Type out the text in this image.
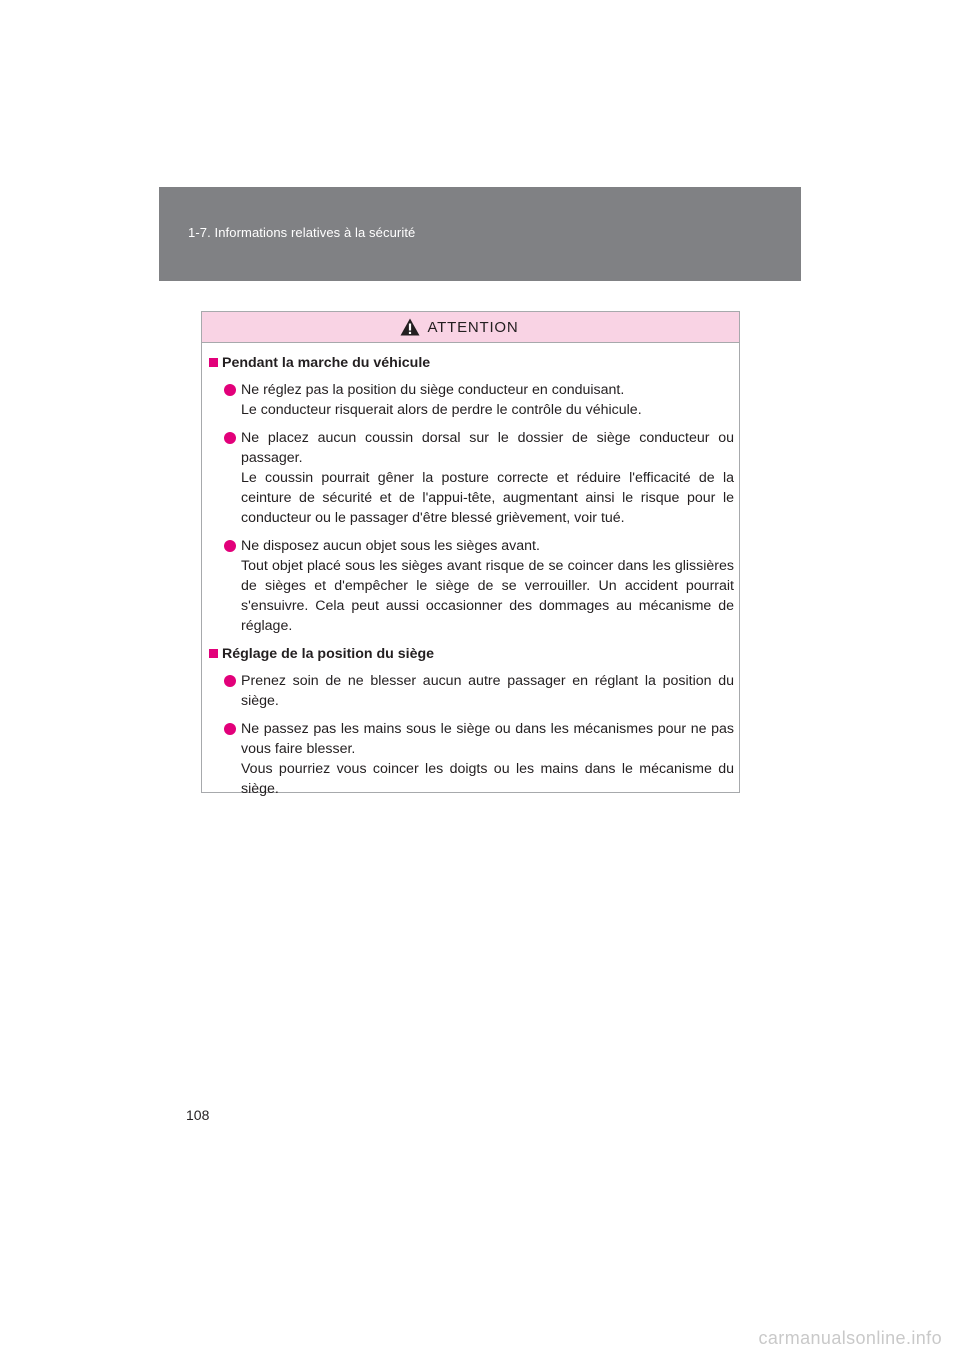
1-7. Informations relatives à la sécurité
ATTENTION
Pendant la marche du véhicule
Ne réglez pas la position du siège conducteur en conduisant.
Le conducteur risquerait alors de perdre le contrôle du véhicule.
Ne placez aucun coussin dorsal sur le dossier de siège conducteur ou passager.
Le coussin pourrait gêner la posture correcte et réduire l'efficacité de la ceinture de sécurité et de l'appui-tête, augmentant ainsi le risque pour le conducteur ou le passager d'être blessé grièvement, voir tué.
Ne disposez aucun objet sous les sièges avant.
Tout objet placé sous les sièges avant risque de se coincer dans les glissières de sièges et d'empêcher le siège de se verrouiller. Un accident pourrait s'ensuivre. Cela peut aussi occasionner des dommages au mécanisme de réglage.
Réglage de la position du siège
Prenez soin de ne blesser aucun autre passager en réglant la position du siège.
Ne passez pas les mains sous le siège ou dans les mécanismes pour ne pas vous faire blesser.
Vous pourriez vous coincer les doigts ou les mains dans le mécanisme du siège.
108
carmanualsonline.info
